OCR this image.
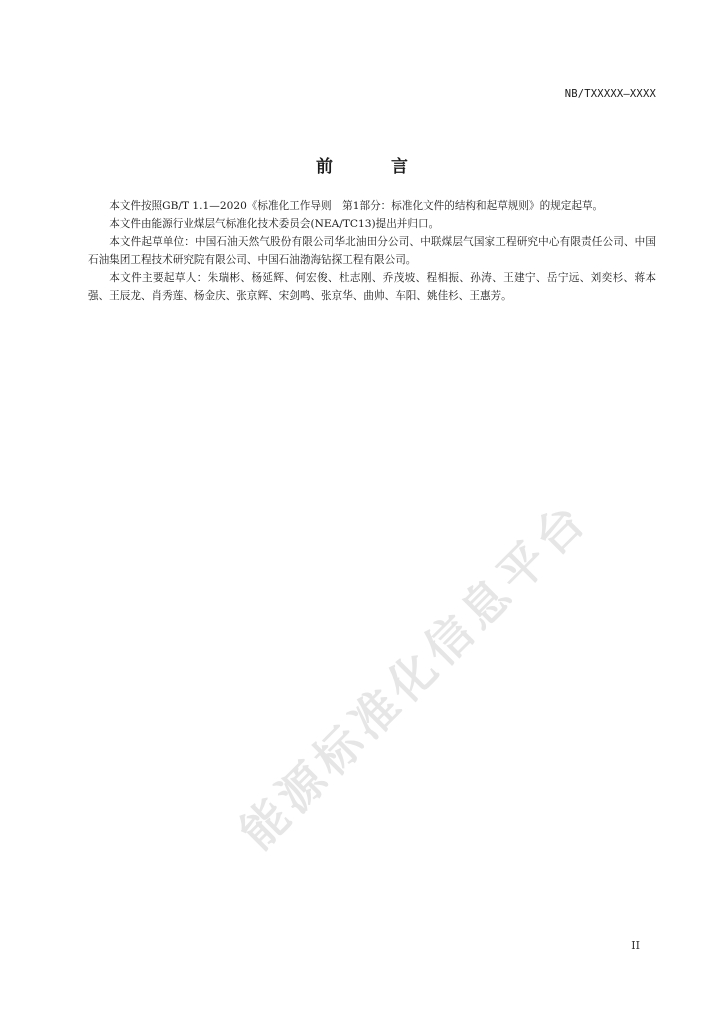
能源标准化信息平台
NB/TXXXXX—XXXX
前 言

本文件按照GB/T 1.1—2020《标准化工作导则　第1部分：标准化文件的结构和起草规则》的规定起草。

本文件由能源行业煤层气标准化技术委员会(NEA/TC13)提出并归口。

本文件起草单位：中国石油天然气股份有限公司华北油田分公司、中联煤层气国家工程研究中心有限责任公司、中国石油集团工程技术研究院有限公司、中国石油渤海钻探工程有限公司。

本文件主要起草人：朱瑞彬、杨延辉、何宏俊、杜志刚、乔茂坡、程相振、孙涛、王建宁、岳宁远、刘奕杉、蒋本强、王辰龙、肖秀莲、杨金庆、张京辉、宋剑鸣、张京华、曲帅、车阳、姚佳杉、王惠芳。

II
